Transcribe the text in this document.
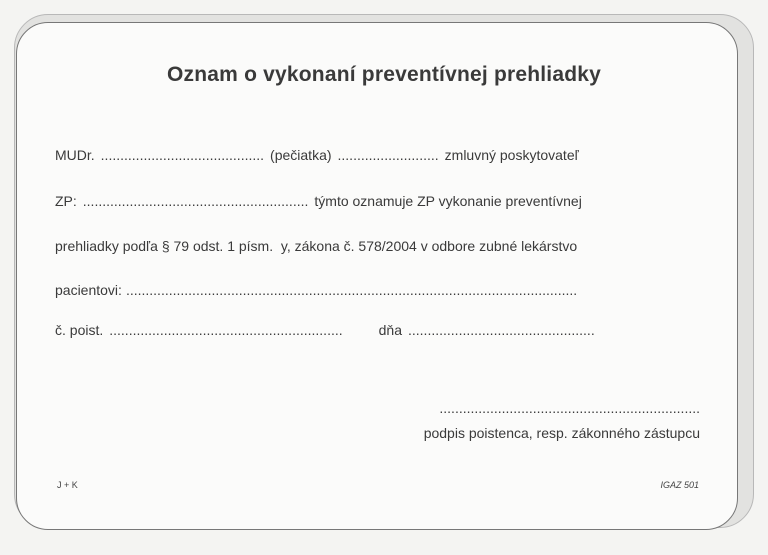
Oznam o vykonaní preventívnej prehliadky
MUDr. .......................................... (pečiatka) .......................... zmluvný poskytovateľ
ZP: .......................................................... týmto oznamuje ZP vykonanie preventívnej
prehliadky podľa § 79 odst. 1 písm.  y, zákona č. 578/2004 v odbore zubné lekárstvo
pacientovi: ....................................................................................................................
č. poist. ............................................................	dňa ................................................
...................................................................
podpis poistenca, resp. zákonného zástupcu
J + K	IGAZ 501
